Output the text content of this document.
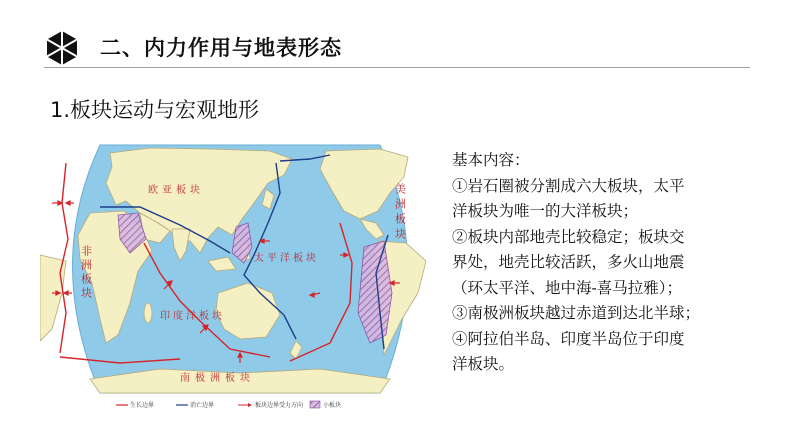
二、内力作用与地表形态
1.板块运动与宏观地形
欧亚板块
太平洋板块
印度洋板块
南极洲板块
非洲板块
美洲板块
生长边界	消亡边界	板块边界受力方向	小板块

基本内容：

①岩石圈被分割成六大板块，太平

洋板块为唯一的大洋板块；

②板块内部地壳比较稳定；板块交

界处，地壳比较活跃，多火山地震

（环太平洋、地中海-喜马拉雅）；

③南极洲板块越过赤道到达北半球；

④阿拉伯半岛、印度半岛位于印度

洋板块。
